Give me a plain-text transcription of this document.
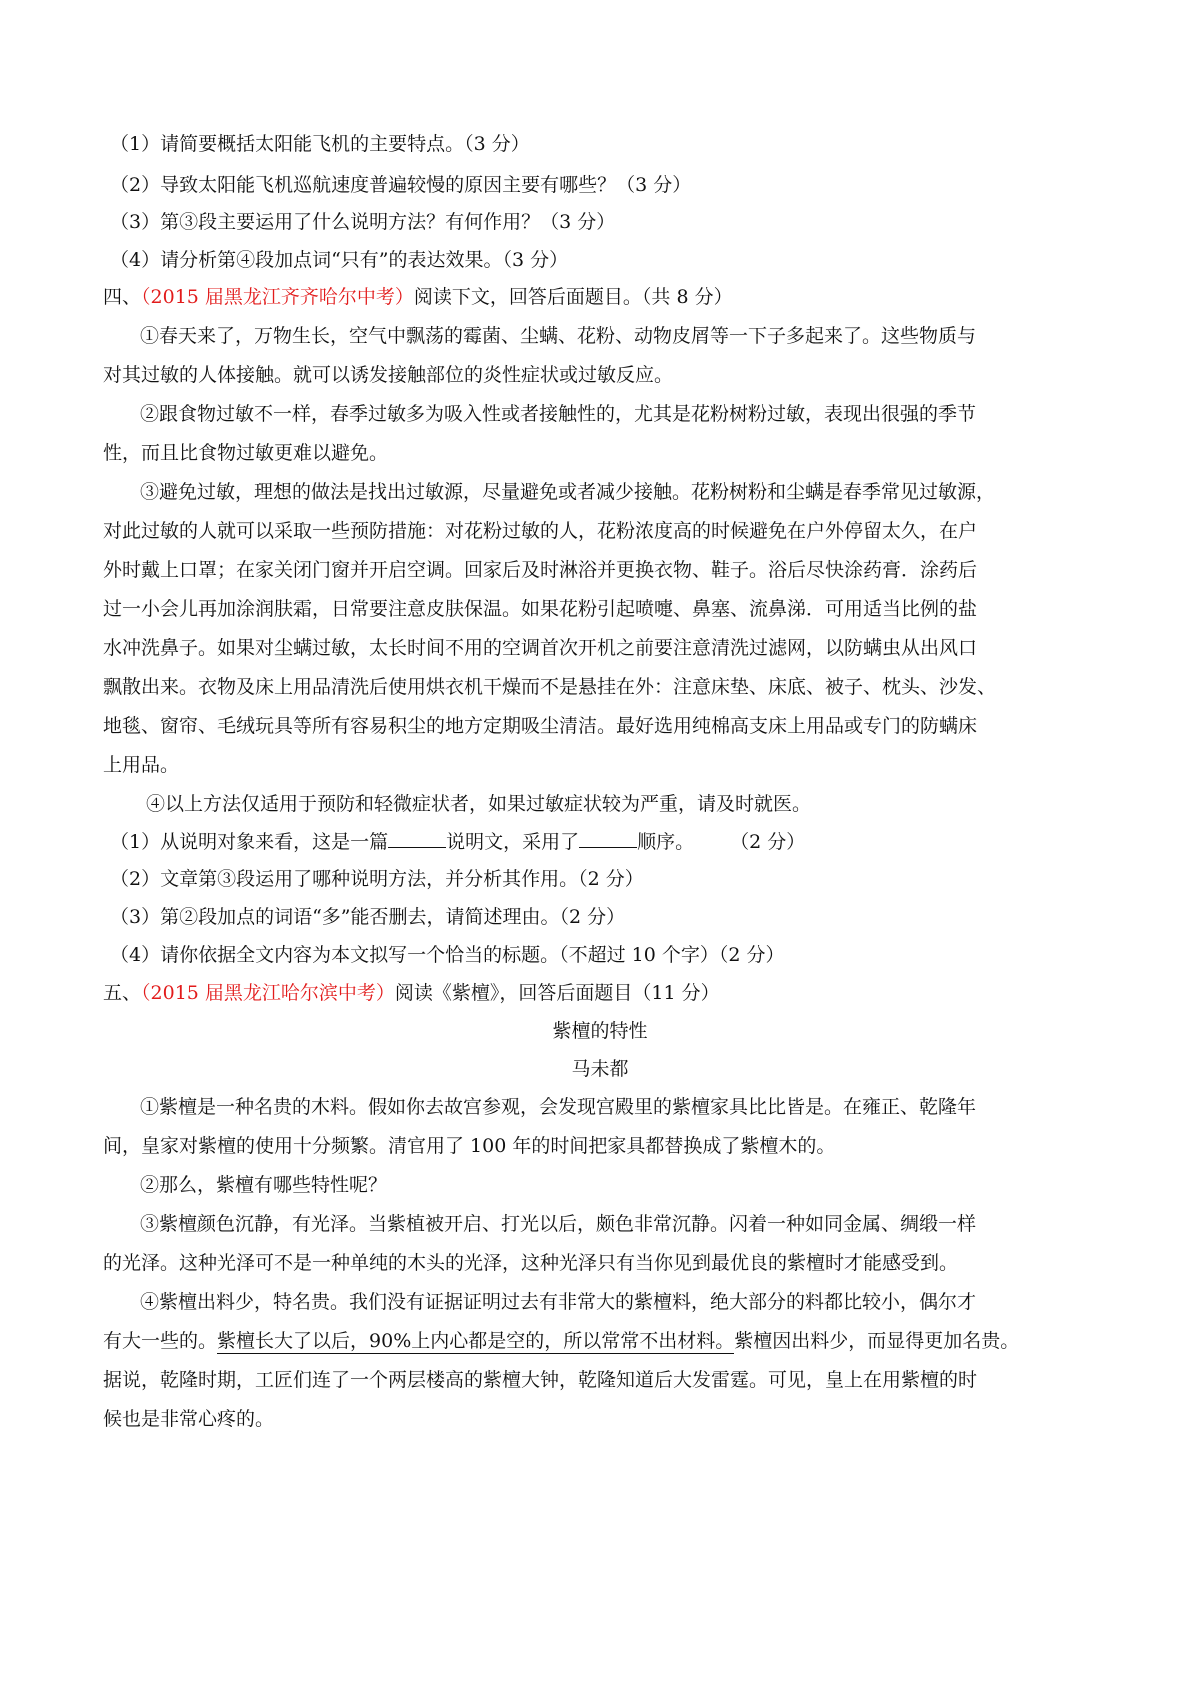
（1）请简要概括太阳能飞机的主要特点。（3 分）
（2）导致太阳能飞机巡航速度普遍较慢的原因主要有哪些？（3 分）
（3）第③段主要运用了什么说明方法？有何作用？（3 分）
（4）请分析第④段加点词“只有”的表达效果。（3 分）
四、（2015 届黑龙江齐齐哈尔中考）阅读下文，回答后面题目。（共 8 分）
①春天来了，万物生长，空气中飘荡的霉菌、尘螨、花粉、动物皮屑等一下子多起来了。这些物质与
对其过敏的人体接触。就可以诱发接触部位的炎性症状或过敏反应。
②跟食物过敏不一样，春季过敏多为吸入性或者接触性的，尤其是花粉树粉过敏，表现出很强的季节
性，而且比食物过敏更难以避免。
③避免过敏，理想的做法是找出过敏源，尽量避免或者减少接触。花粉树粉和尘螨是春季常见过敏源，
对此过敏的人就可以采取一些预防措施：对花粉过敏的人，花粉浓度高的时候避免在户外停留太久，在户
外时戴上口罩；在家关闭门窗并开启空调。回家后及时淋浴并更换衣物、鞋子。浴后尽快涂药膏．涂药后
过一小会儿再加涂润肤霜，日常要注意皮肤保温。如果花粉引起喷嚏、鼻塞、流鼻涕．可用适当比例的盐
水冲洗鼻子。如果对尘螨过敏，太长时间不用的空调首次开机之前要注意清洗过滤网，以防螨虫从出风口
飘散出来。衣物及床上用品清洗后使用烘衣机干燥而不是悬挂在外：注意床垫、床底、被子、枕头、沙发、
地毯、窗帘、毛绒玩具等所有容易积尘的地方定期吸尘清洁。最好选用纯棉高支床上用品或专门的防螨床
上用品。
④以上方法仅适用于预防和轻微症状者，如果过敏症状较为严重，请及时就医。
（1）从说明对象来看，这是一篇	说明文，采用了	顺序。 （2 分）
（2）文章第③段运用了哪种说明方法，并分析其作用。（2 分）
（3）第②段加点的词语“多”能否删去，请简述理由。（2 分）
（4）请你依据全文内容为本文拟写一个恰当的标题。（不超过 10 个字）（2 分）
五、（2015 届黑龙江哈尔滨中考）阅读《紫檀》，回答后面题目（11 分）
紫檀的特性
马未都
①紫檀是一种名贵的木料。假如你去故宫参观，会发现宫殿里的紫檀家具比比皆是。在雍正、乾隆年
间，皇家对紫檀的使用十分频繁。清官用了 100 年的时间把家具都替换成了紫檀木的。
②那么，紫檀有哪些特性呢？
③紫檀颜色沉静，有光泽。当紫植被开启、打光以后，颇色非常沉静。闪着一种如同金属、绸缎一样
的光泽。这种光泽可不是一种单纯的木头的光泽，这种光泽只有当你见到最优良的紫檀时才能感受到。
④紫檀出料少，特名贵。我们没有证据证明过去有非常大的紫檀料，绝大部分的料都比较小，偶尔才
有大一些的。紫檀长大了以后，90%上内心都是空的，所以常常不出材料。紫檀因出料少，而显得更加名贵。
据说，乾隆时期，工匠们连了一个两层楼高的紫檀大钟，乾隆知道后大发雷霆。可见，皇上在用紫檀的时
候也是非常心疼的。
